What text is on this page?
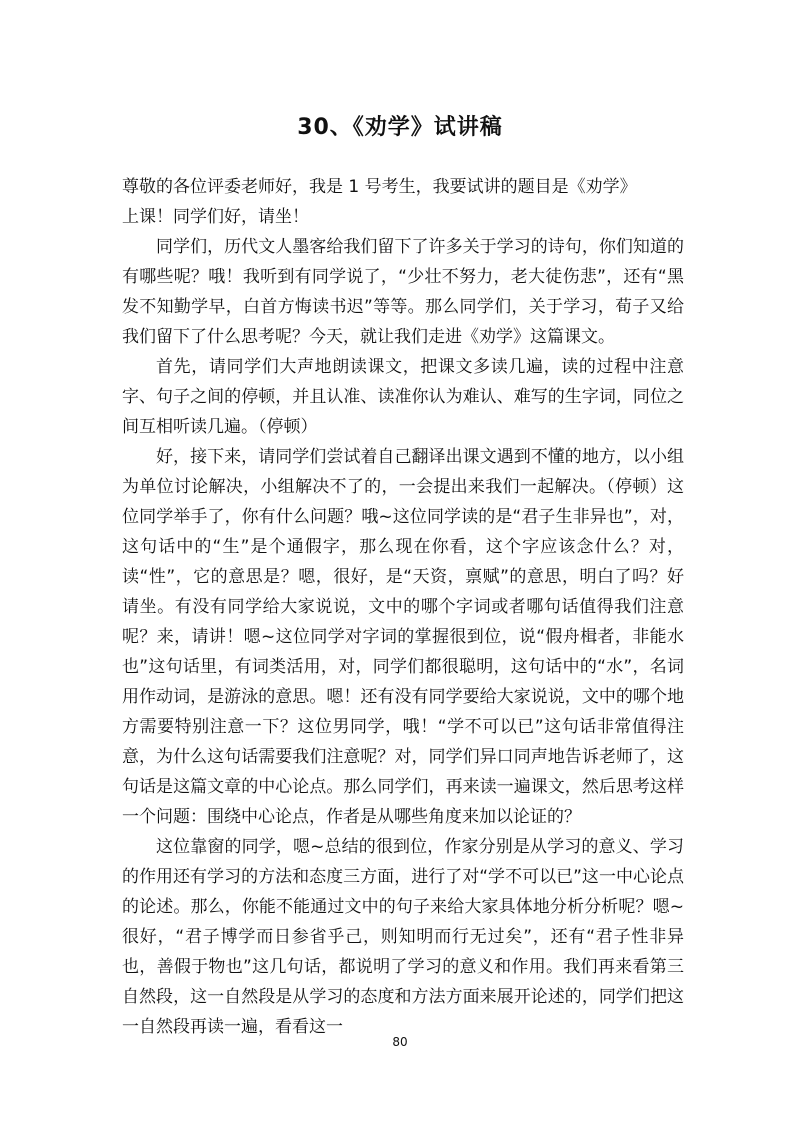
30、《劝学》试讲稿

尊敬的各位评委老师好，我是 1 号考生，我要试讲的题目是《劝学》

上课！同学们好，请坐！

同学们，历代文人墨客给我们留下了许多关于学习的诗句，你们知道的有哪些呢？哦！我听到有同学说了，“少壮不努力，老大徒伤悲”，还有“黑发不知勤学早，白首方悔读书迟”等等。那么同学们，关于学习，荀子又给我们留下了什么思考呢？今天，就让我们走进《劝学》这篇课文。

首先，请同学们大声地朗读课文，把课文多读几遍，读的过程中注意字、句子之间的停顿，并且认准、读准你认为难认、难写的生字词，同位之间互相听读几遍。（停顿）

好，接下来，请同学们尝试着自己翻译出课文遇到不懂的地方，以小组为单位讨论解决，小组解决不了的，一会提出来我们一起解决。（停顿）这位同学举手了，你有什么问题？哦~这位同学读的是“君子生非异也”，对，这句话中的“生”是个通假字，那么现在你看，这个字应该念什么？对，读“性”，它的意思是？嗯，很好，是“天资，禀赋”的意思，明白了吗？好请坐。有没有同学给大家说说，文中的哪个字词或者哪句话值得我们注意呢？来，请讲！嗯~这位同学对字词的掌握很到位，说“假舟楫者，非能水也”这句话里，有词类活用，对，同学们都很聪明，这句话中的“水”，名词用作动词，是游泳的意思。嗯！还有没有同学要给大家说说，文中的哪个地方需要特别注意一下？这位男同学，哦！“学不可以已”这句话非常值得注意，为什么这句话需要我们注意呢？对，同学们异口同声地告诉老师了，这句话是这篇文章的中心论点。那么同学们，再来读一遍课文，然后思考这样一个问题：围绕中心论点，作者是从哪些角度来加以论证的？

这位靠窗的同学，嗯~总结的很到位，作家分别是从学习的意义、学习的作用还有学习的方法和态度三方面，进行了对“学不可以已”这一中心论点的论述。那么，你能不能通过文中的句子来给大家具体地分析分析呢？嗯~很好，“君子博学而日参省乎己，则知明而行无过矣”，还有“君子性非异也，善假于物也”这几句话，都说明了学习的意义和作用。我们再来看第三自然段，这一自然段是从学习的态度和方法方面来展开论述的，同学们把这一自然段再读一遍，看看这一

80
